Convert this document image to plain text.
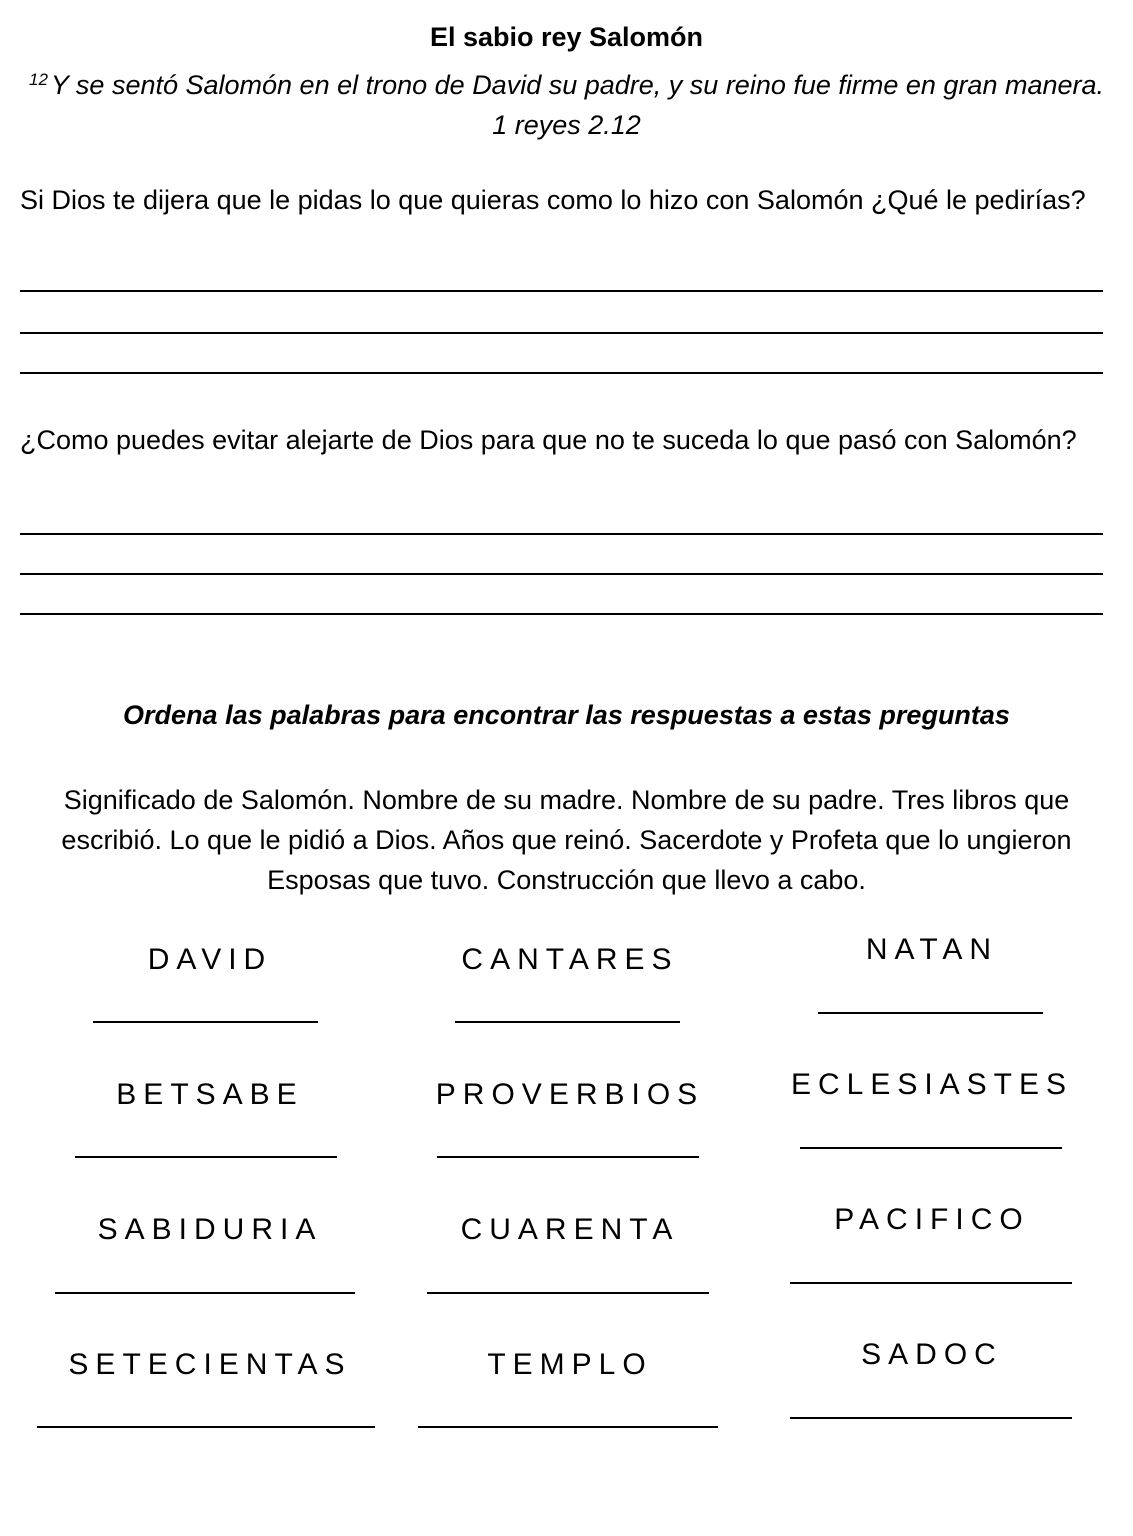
El sabio rey Salomón
$^{12}$ Y se sentó Salomón en el trono de David su padre, y su reino fue firme en gran manera. 1 reyes 2.12
Si Dios te dijera que le pidas lo que quieras como lo hizo con Salomón ¿Qué le pedirías?
¿Como puedes evitar alejarte de Dios para que no te suceda lo que pasó con Salomón?
Ordena las palabras para encontrar las respuestas a estas preguntas
Significado de Salomón. Nombre de su madre. Nombre de su padre. Tres libros que escribió. Lo que le pidió a Dios. Años que reinó. Sacerdote y Profeta que lo ungieron Esposas que tuvo. Construcción que llevo a cabo.
DAVID	CANTARES	NATAN
BETSABE	PROVERBIOS	ECLESIASTES
SABIDURIA	CUARENTA	PACIFICO
SETECIENTAS	TEMPLO	SADOC
